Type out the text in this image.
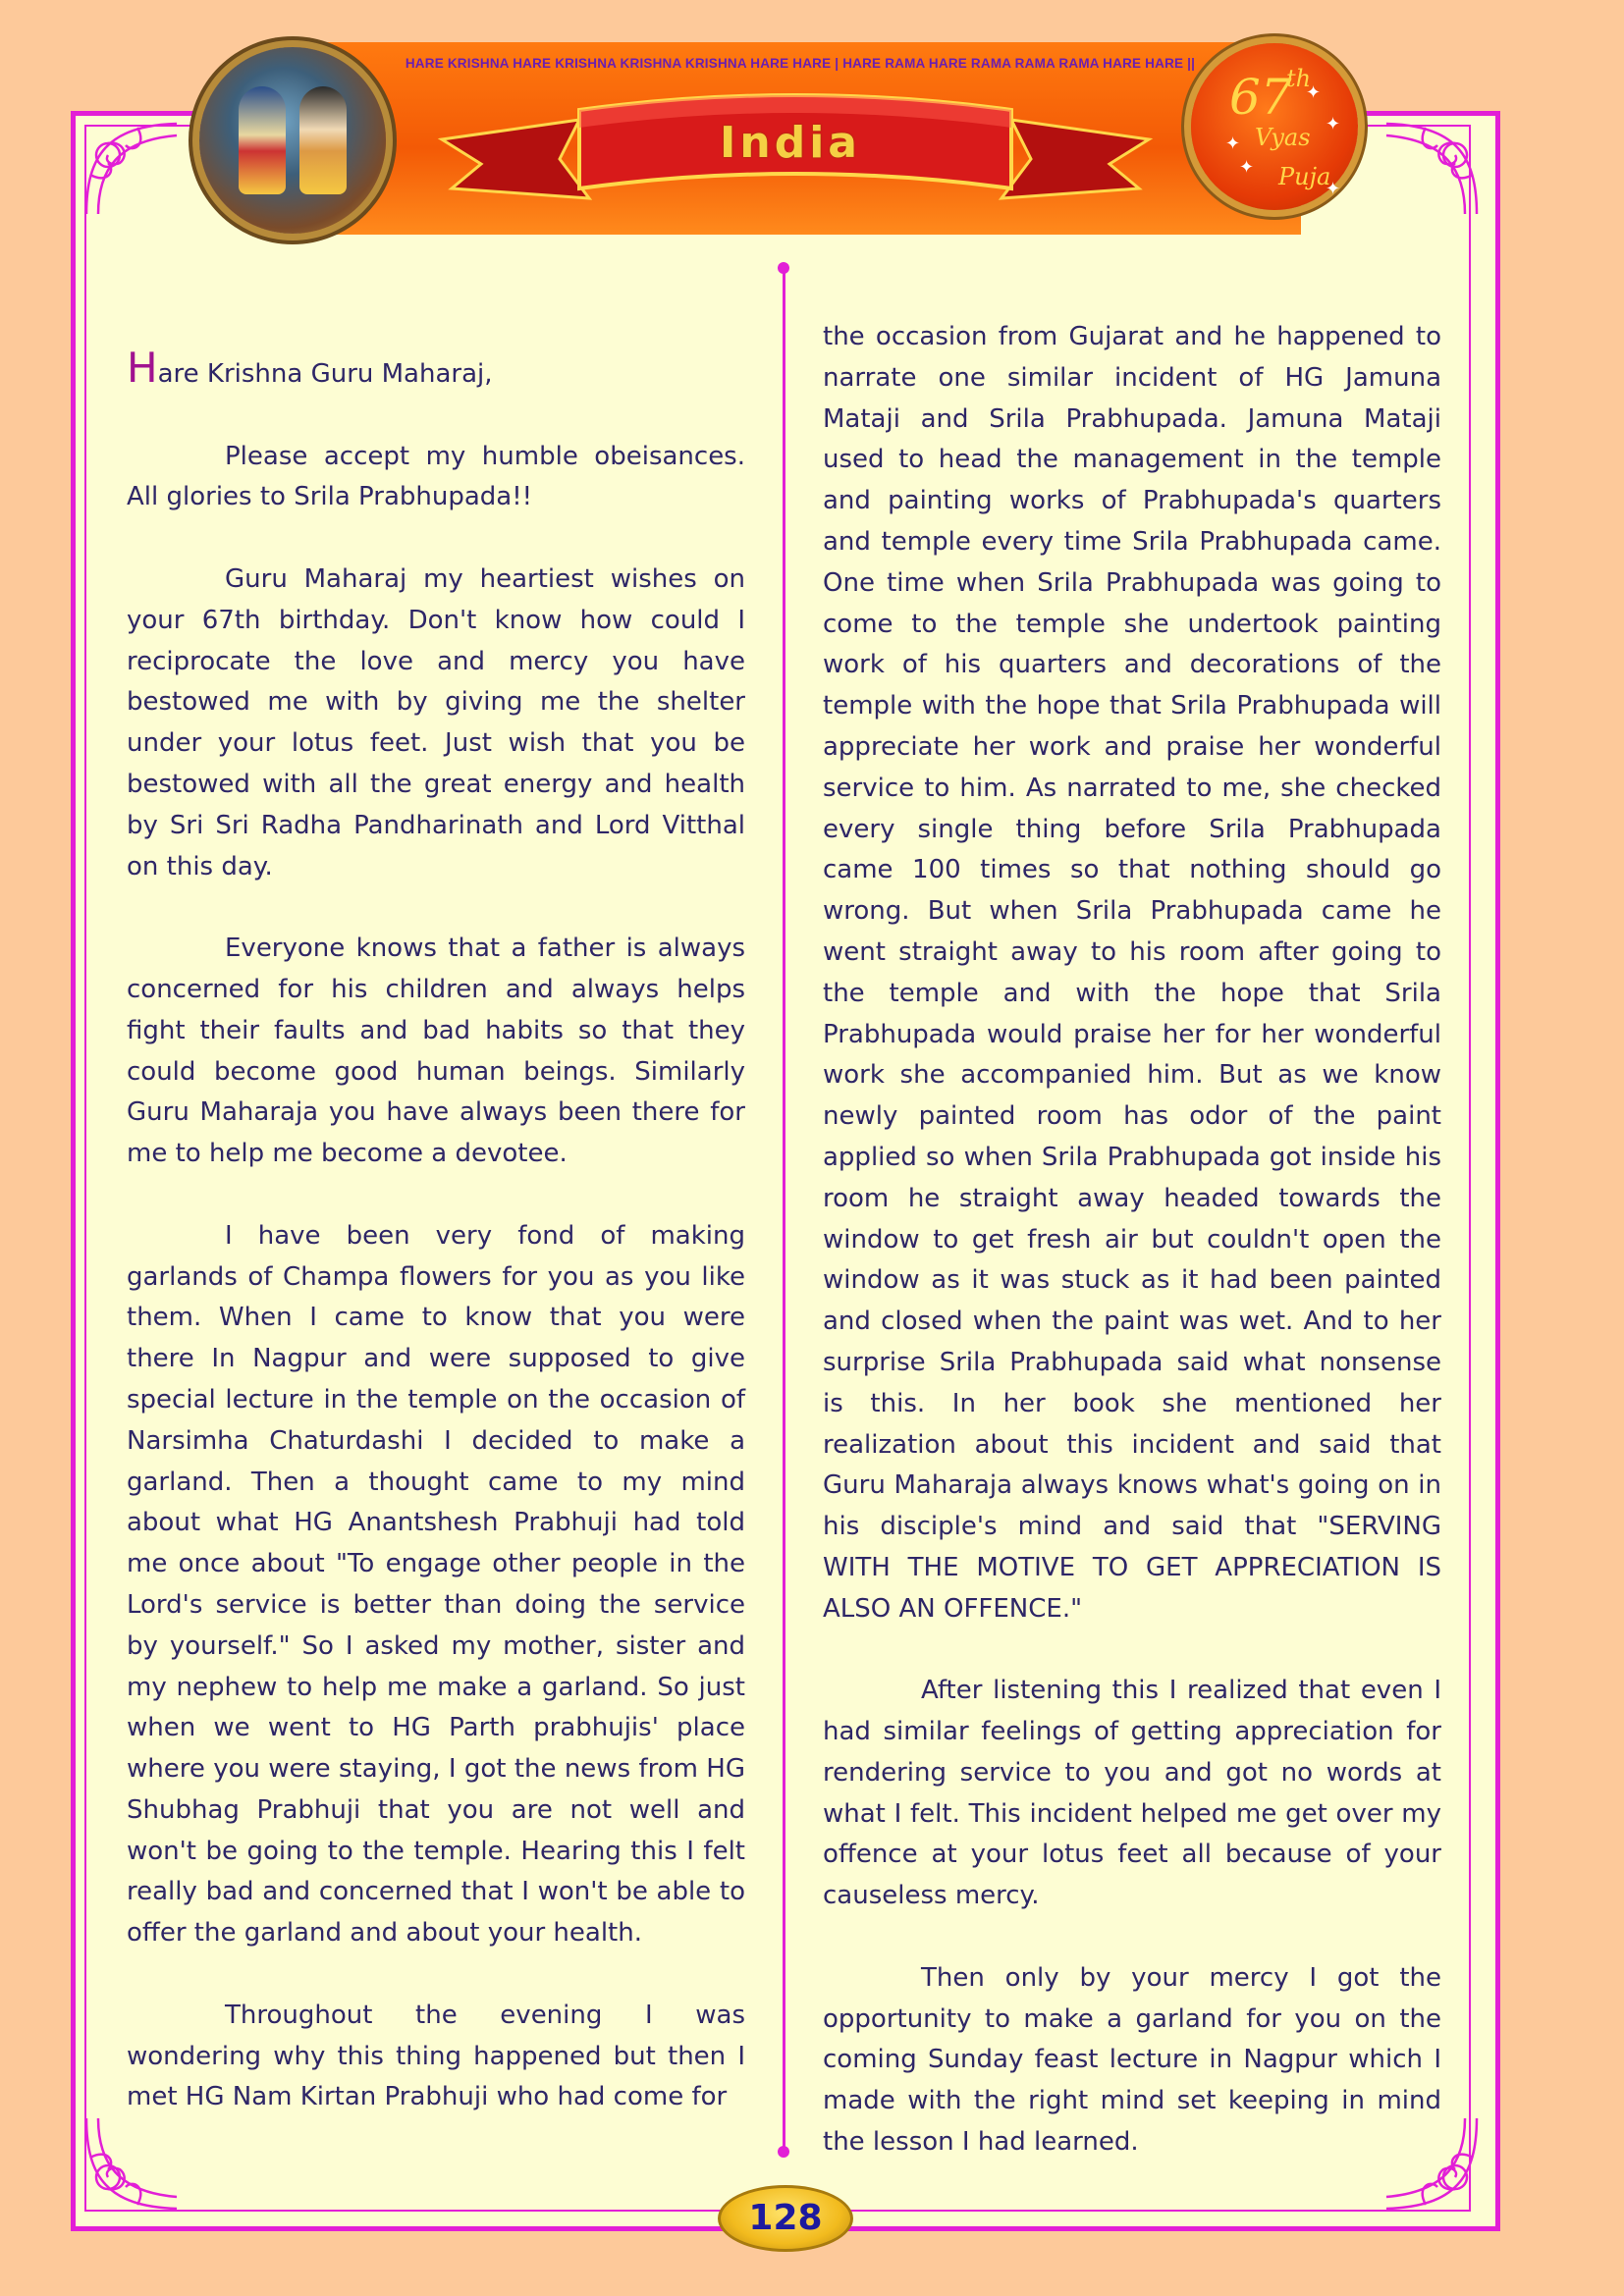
HARE KRISHNA HARE KRISHNA KRISHNA KRISHNA HARE HARE | HARE RAMA HARE RAMA RAMA RAMA HARE HARE ||
India
67
th
Vyas
Puja
✦
✦
✦
✦
✦

Hare Krishna Guru Maharaj,

Please accept my humble obeisances. All glories to Srila Prabhupada!!

Guru Maharaj my heartiest wishes on your 67th birthday. Don't know how could I reciprocate the love and mercy you have bestowed me with by giving me the shelter under your lotus feet. Just wish that you be bestowed with all the great energy and health by Sri Sri Radha Pandharinath and Lord Vitthal on this day.

Everyone knows that a father is always concerned for his children and always helps fight their faults and bad habits so that they could become good human beings. Similarly Guru Maharaja you have always been there for me to help me become a devotee.

I have been very fond of making garlands of Champa flowers for you as you like them. When I came to know that you were there In Nagpur and were supposed to give special lecture in the temple on the occasion of Narsimha Chaturdashi I decided to make a garland. Then a thought came to my mind about what HG Anantshesh Prabhuji had told me once about "To engage other people in the Lord's service is better than doing the service by yourself." So I asked my mother, sister and my nephew to help me make a garland. So just when we went to HG Parth prabhujis' place where you were staying, I got the news from HG Shubhag Prabhuji that you are not well and won't be going to the temple. Hearing this I felt really bad and concerned that I won't be able to offer the garland and about your health.

Throughout the evening I was wondering why this thing happened but then I met HG Nam Kirtan Prabhuji who had come for

the occasion from Gujarat and he happened to narrate one similar incident of HG Jamuna Mataji and Srila Prabhupada. Jamuna Mataji used to head the management in the temple and painting works of Prabhupada's quarters and temple every time Srila Prabhupada came. One time when Srila Prabhupada was going to come to the temple she undertook painting work of his quarters and decorations of the temple with the hope that Srila Prabhupada will appreciate her work and praise her wonderful service to him. As narrated to me, she checked every single thing before Srila Prabhupada came 100 times so that nothing should go wrong. But when Srila Prabhupada came he went straight away to his room after going to the temple and with the hope that Srila Prabhupada would praise her for her wonderful work she accompanied him. But as we know newly painted room has odor of the paint applied so when Srila Prabhupada got inside his room he straight away headed towards the window to get fresh air but couldn't open the window as it was stuck as it had been painted and closed when the paint was wet. And to her surprise Srila Prabhupada said what nonsense is this. In her book she mentioned her realization about this incident and said that Guru Maharaja always knows what's going on in his disciple's mind and said that "SERVING WITH THE MOTIVE TO GET APPRECIATION IS ALSO AN OFFENCE."

After listening this I realized that even I had similar feelings of getting appreciation for rendering service to you and got no words at what I felt. This incident helped me get over my offence at your lotus feet all because of your causeless mercy.

Then only by your mercy I got the opportunity to make a garland for you on the coming Sunday feast lecture in Nagpur which I made with the right mind set keeping in mind the lesson I had learned.

128
